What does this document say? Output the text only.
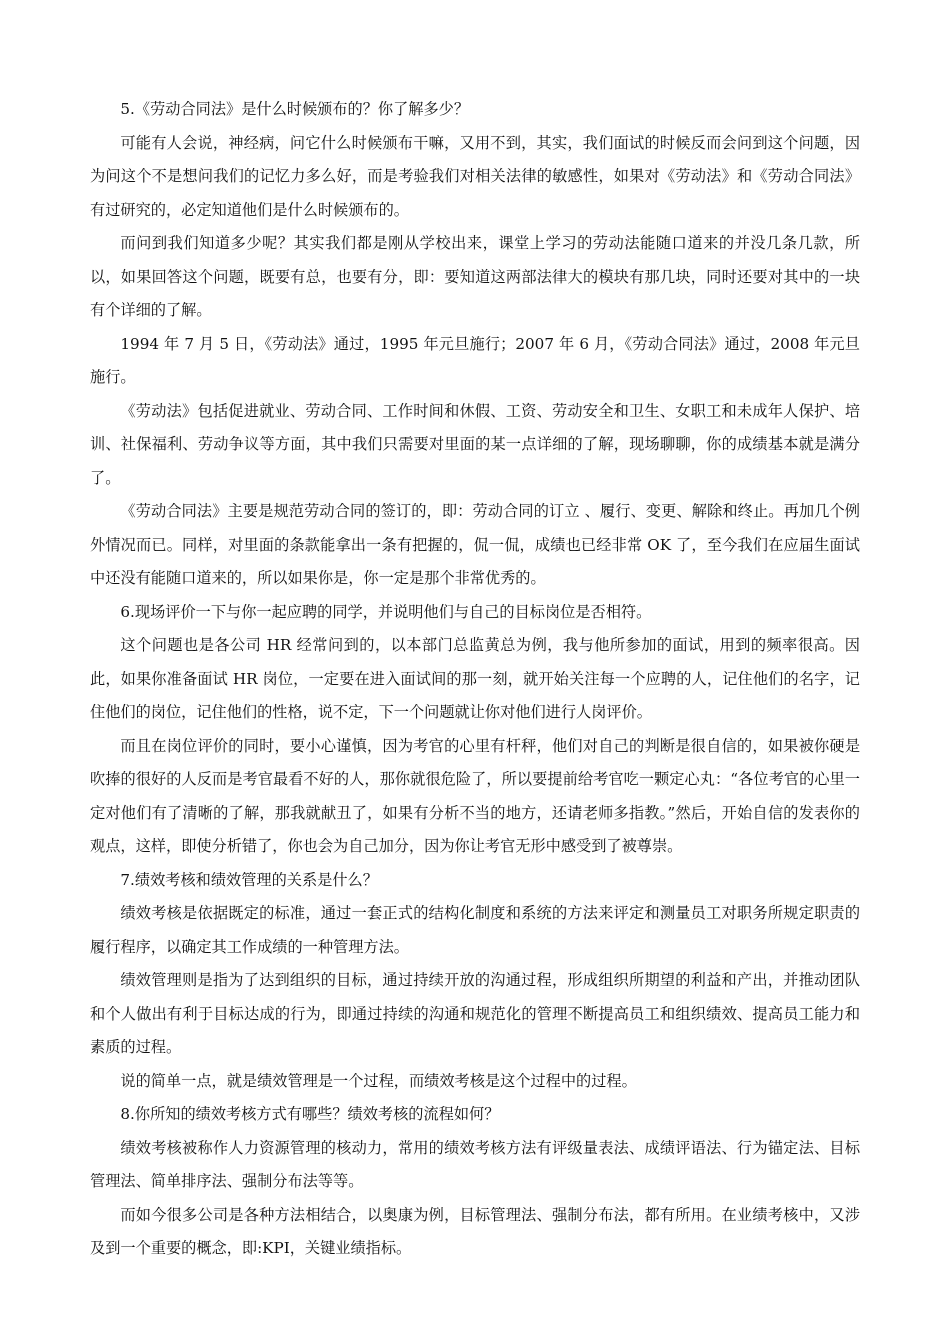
5.《劳动合同法》是什么时候颁布的？你了解多少？

可能有人会说，神经病，问它什么时候颁布干嘛，又用不到，其实，我们面试的时候反而会问到这个问题，因为问这个不是想问我们的记忆力多么好，而是考验我们对相关法律的敏感性，如果对《劳动法》和《劳动合同法》有过研究的，必定知道他们是什么时候颁布的。

而问到我们知道多少呢？其实我们都是刚从学校出来，课堂上学习的劳动法能随口道来的并没几条几款，所以，如果回答这个问题，既要有总，也要有分，即：要知道这两部法律大的模块有那几块，同时还要对其中的一块有个详细的了解。

1994 年 7 月 5 日，《劳动法》通过，1995 年元旦施行；2007 年 6 月，《劳动合同法》通过，2008 年元旦施行。

《劳动法》包括促进就业、劳动合同、工作时间和休假、工资、劳动安全和卫生、女职工和未成年人保护、培训、社保福利、劳动争议等方面，其中我们只需要对里面的某一点详细的了解，现场聊聊，你的成绩基本就是满分了。

《劳动合同法》主要是规范劳动合同的签订的，即：劳动合同的订立 、履行、变更、解除和终止。再加几个例外情况而已。同样，对里面的条款能拿出一条有把握的，侃一侃，成绩也已经非常 OK 了，至今我们在应届生面试中还没有能随口道来的，所以如果你是，你一定是那个非常优秀的。

6.现场评价一下与你一起应聘的同学，并说明他们与自己的目标岗位是否相符。

这个问题也是各公司 HR 经常问到的，以本部门总监黄总为例，我与他所参加的面试，用到的频率很高。因此，如果你准备面试 HR 岗位，一定要在进入面试间的那一刻，就开始关注每一个应聘的人，记住他们的名字，记住他们的岗位，记住他们的性格，说不定，下一个问题就让你对他们进行人岗评价。

而且在岗位评价的同时，要小心谨慎，因为考官的心里有杆秤，他们对自己的判断是很自信的，如果被你硬是吹捧的很好的人反而是考官最看不好的人，那你就很危险了，所以要提前给考官吃一颗定心丸：“各位考官的心里一定对他们有了清晰的了解，那我就献丑了，如果有分析不当的地方，还请老师多指教。”然后，开始自信的发表你的观点，这样，即使分析错了，你也会为自己加分，因为你让考官无形中感受到了被尊崇。

7.绩效考核和绩效管理的关系是什么？

绩效考核是依据既定的标准，通过一套正式的结构化制度和系统的方法来评定和测量员工对职务所规定职责的履行程序，以确定其工作成绩的一种管理方法。

绩效管理则是指为了达到组织的目标，通过持续开放的沟通过程，形成组织所期望的利益和产出，并推动团队和个人做出有利于目标达成的行为，即通过持续的沟通和规范化的管理不断提高员工和组织绩效、提高员工能力和素质的过程。

说的简单一点，就是绩效管理是一个过程，而绩效考核是这个过程中的过程。

8.你所知的绩效考核方式有哪些？绩效考核的流程如何？

绩效考核被称作人力资源管理的核动力，常用的绩效考核方法有评级量表法、成绩评语法、行为锚定法、目标管理法、简单排序法、强制分布法等等。

而如今很多公司是各种方法相结合，以奥康为例，目标管理法、强制分布法，都有所用。在业绩考核中，又涉及到一个重要的概念，即:KPI，关键业绩指标。
